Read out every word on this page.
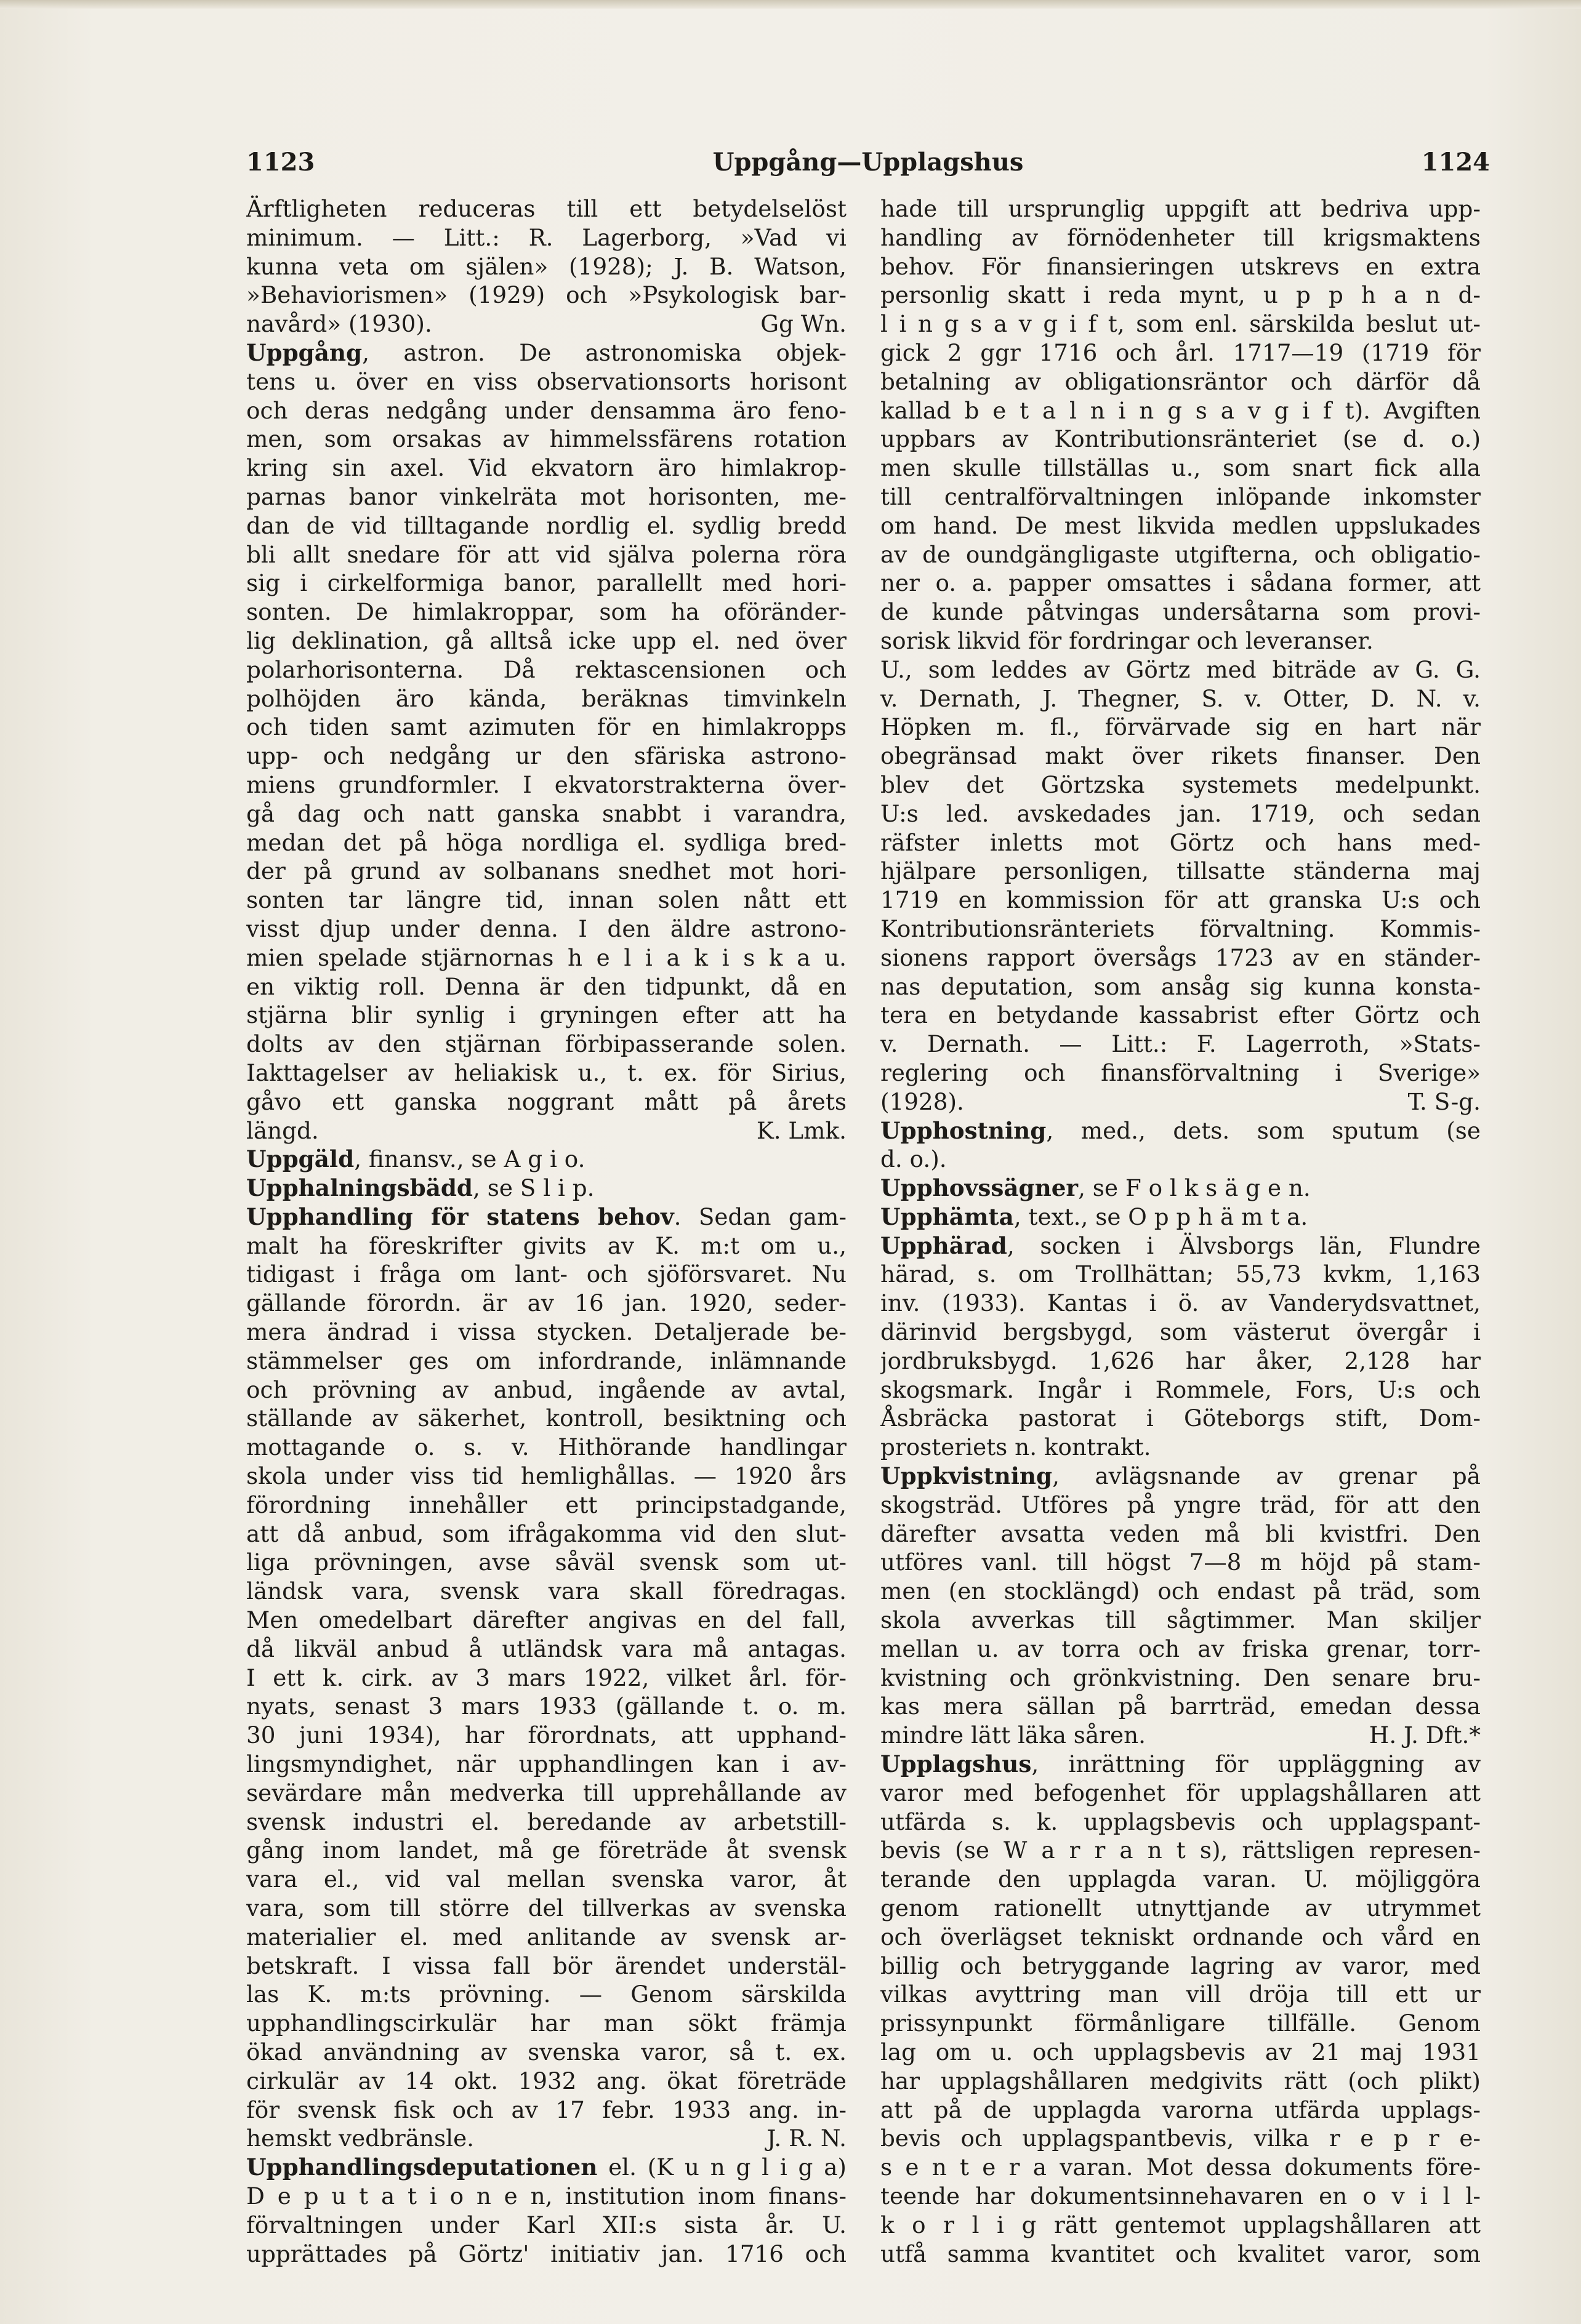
1123	Uppgång—Upplagshus	1124
Ärftligheten reduceras till ett betydelselöst
minimum. — Litt.: R. Lagerborg, »Vad vi
kunna veta om själen» (1928); J. B. Watson,
»Behaviorismen» (1929) och »Psykologisk bar-
Gg Wn.
navård» (1930).
Uppgång, astron. De astronomiska objek-
tens u. över en viss observationsorts horisont
och deras nedgång under densamma äro feno-
men, som orsakas av himmelssfärens rotation
kring sin axel. Vid ekvatorn äro himlakrop-
parnas banor vinkelräta mot horisonten, me-
dan de vid tilltagande nordlig el. sydlig bredd
bli allt snedare för att vid själva polerna röra
sig i cirkelformiga banor, parallellt med hori-
sonten. De himlakroppar, som ha oföränder-
lig deklination, gå alltså icke upp el. ned över
polarhorisonterna. Då rektascensionen och
polhöjden äro kända, beräknas timvinkeln
och tiden samt azimuten för en himlakropps
upp- och nedgång ur den sfäriska astrono-
miens grundformler. I ekvatorstrakterna över-
gå dag och natt ganska snabbt i varandra,
medan det på höga nordliga el. sydliga bred-
der på grund av solbanans snedhet mot hori-
sonten tar längre tid, innan solen nått ett
visst djup under denna. I den äldre astrono-
mien spelade stjärnornas h e l i a k i s k a u.
en viktig roll. Denna är den tidpunkt, då en
stjärna blir synlig i gryningen efter att ha
dolts av den stjärnan förbipasserande solen.
Iakttagelser av heliakisk u., t. ex. för Sirius,
gåvo ett ganska noggrant mått på årets
K. Lmk.
längd.
Uppgäld, finansv., se A g i o.
Upphalningsbädd, se S l i p.
Upphandling för statens behov. Sedan gam-
malt ha föreskrifter givits av K. m:t om u.,
tidigast i fråga om lant- och sjöförsvaret. Nu
gällande förordn. är av 16 jan. 1920, seder-
mera ändrad i vissa stycken. Detaljerade be-
stämmelser ges om infordrande, inlämnande
och prövning av anbud, ingående av avtal,
ställande av säkerhet, kontroll, besiktning och
mottagande o. s. v. Hithörande handlingar
skola under viss tid hemlighållas. — 1920 års
förordning innehåller ett principstadgande,
att då anbud, som ifrågakomma vid den slut-
liga prövningen, avse såväl svensk som ut-
ländsk vara, svensk vara skall föredragas.
Men omedelbart därefter angivas en del fall,
då likväl anbud å utländsk vara må antagas.
I ett k. cirk. av 3 mars 1922, vilket årl. för-
nyats, senast 3 mars 1933 (gällande t. o. m.
30 juni 1934), har förordnats, att upphand-
lingsmyndighet, när upphandlingen kan i av-
sevärdare mån medverka till upprehållande av
svensk industri el. beredande av arbetstill-
gång inom landet, må ge företräde åt svensk
vara el., vid val mellan svenska varor, åt
vara, som till större del tillverkas av svenska
materialier el. med anlitande av svensk ar-
betskraft. I vissa fall bör ärendet understäl-
las K. m:ts prövning. — Genom särskilda
upphandlingscirkulär har man sökt främja
ökad användning av svenska varor, så t. ex.
cirkulär av 14 okt. 1932 ang. ökat företräde
för svensk fisk och av 17 febr. 1933 ang. in-
J. R. N.
hemskt vedbränsle.
Upphandlingsdeputationen el. (K u n g l i g a)
D e p u t a t i o n e n, institution inom finans-
förvaltningen under Karl XII:s sista år. U.
upprättades på Görtz' initiativ jan. 1716 och
hade till ursprunglig uppgift att bedriva upp-
handling av förnödenheter till krigsmaktens
behov. För finansieringen utskrevs en extra
personlig skatt i reda mynt, u p p h a n d-
l i n g s a v g i f t, som enl. särskilda beslut ut-
gick 2 ggr 1716 och årl. 1717—19 (1719 för
betalning av obligationsräntor och därför då
kallad b e t a l n i n g s a v g i f t). Avgiften
uppbars av Kontributionsränteriet (se d. o.)
men skulle tillställas u., som snart fick alla
till centralförvaltningen inlöpande inkomster
om hand. De mest likvida medlen uppslukades
av de oundgängligaste utgifterna, och obligatio-
ner o. a. papper omsattes i sådana former, att
de kunde påtvingas undersåtarna som provi-
sorisk likvid för fordringar och leveranser.
U., som leddes av Görtz med biträde av G. G.
v. Dernath, J. Thegner, S. v. Otter, D. N. v.
Höpken m. fl., förvärvade sig en hart när
obegränsad makt över rikets finanser. Den
blev det Görtzska systemets medelpunkt.
U:s led. avskedades jan. 1719, och sedan
räfster inletts mot Görtz och hans med-
hjälpare personligen, tillsatte ständerna maj
1719 en kommission för att granska U:s och
Kontributionsränteriets förvaltning. Kommis-
sionens rapport översågs 1723 av en ständer-
nas deputation, som ansåg sig kunna konsta-
tera en betydande kassabrist efter Görtz och
v. Dernath. — Litt.: F. Lagerroth, »Stats-
reglering och finansförvaltning i Sverige»
T. S-g.
(1928).
Upphostning, med., dets. som sputum (se
d. o.).
Upphovssägner, se F o l k s ä g e n.
Upphämta, text., se O p p h ä m t a.
Upphärad, socken i Älvsborgs län, Flundre
härad, s. om Trollhättan; 55,73 kvkm, 1,163
inv. (1933). Kantas i ö. av Vanderydsvattnet,
därinvid bergsbygd, som västerut övergår i
jordbruksbygd. 1,626 har åker, 2,128 har
skogsmark. Ingår i Rommele, Fors, U:s och
Åsbräcka pastorat i Göteborgs stift, Dom-
prosteriets n. kontrakt.
Uppkvistning, avlägsnande av grenar på
skogsträd. Utföres på yngre träd, för att den
därefter avsatta veden må bli kvistfri. Den
utföres vanl. till högst 7—8 m höjd på stam-
men (en stocklängd) och endast på träd, som
skola avverkas till sågtimmer. Man skiljer
mellan u. av torra och av friska grenar, torr-
kvistning och grönkvistning. Den senare bru-
kas mera sällan på barrträd, emedan dessa
H. J. Dft.*
mindre lätt läka såren.
Upplagshus, inrättning för uppläggning av
varor med befogenhet för upplagshållaren att
utfärda s. k. upplagsbevis och upplagspant-
bevis (se W a r r a n t s), rättsligen represen-
terande den upplagda varan. U. möjliggöra
genom rationellt utnyttjande av utrymmet
och överlägset tekniskt ordnande och vård en
billig och betryggande lagring av varor, med
vilkas avyttring man vill dröja till ett ur
prissynpunkt förmånligare tillfälle. Genom
lag om u. och upplagsbevis av 21 maj 1931
har upplagshållaren medgivits rätt (och plikt)
att på de upplagda varorna utfärda upplags-
bevis och upplagspantbevis, vilka r e p r e-
s e n t e r a varan. Mot dessa dokuments före-
teende har dokumentsinnehavaren en o v i l l-
k o r l i g rätt gentemot upplagshållaren att
utfå samma kvantitet och kvalitet varor, som
